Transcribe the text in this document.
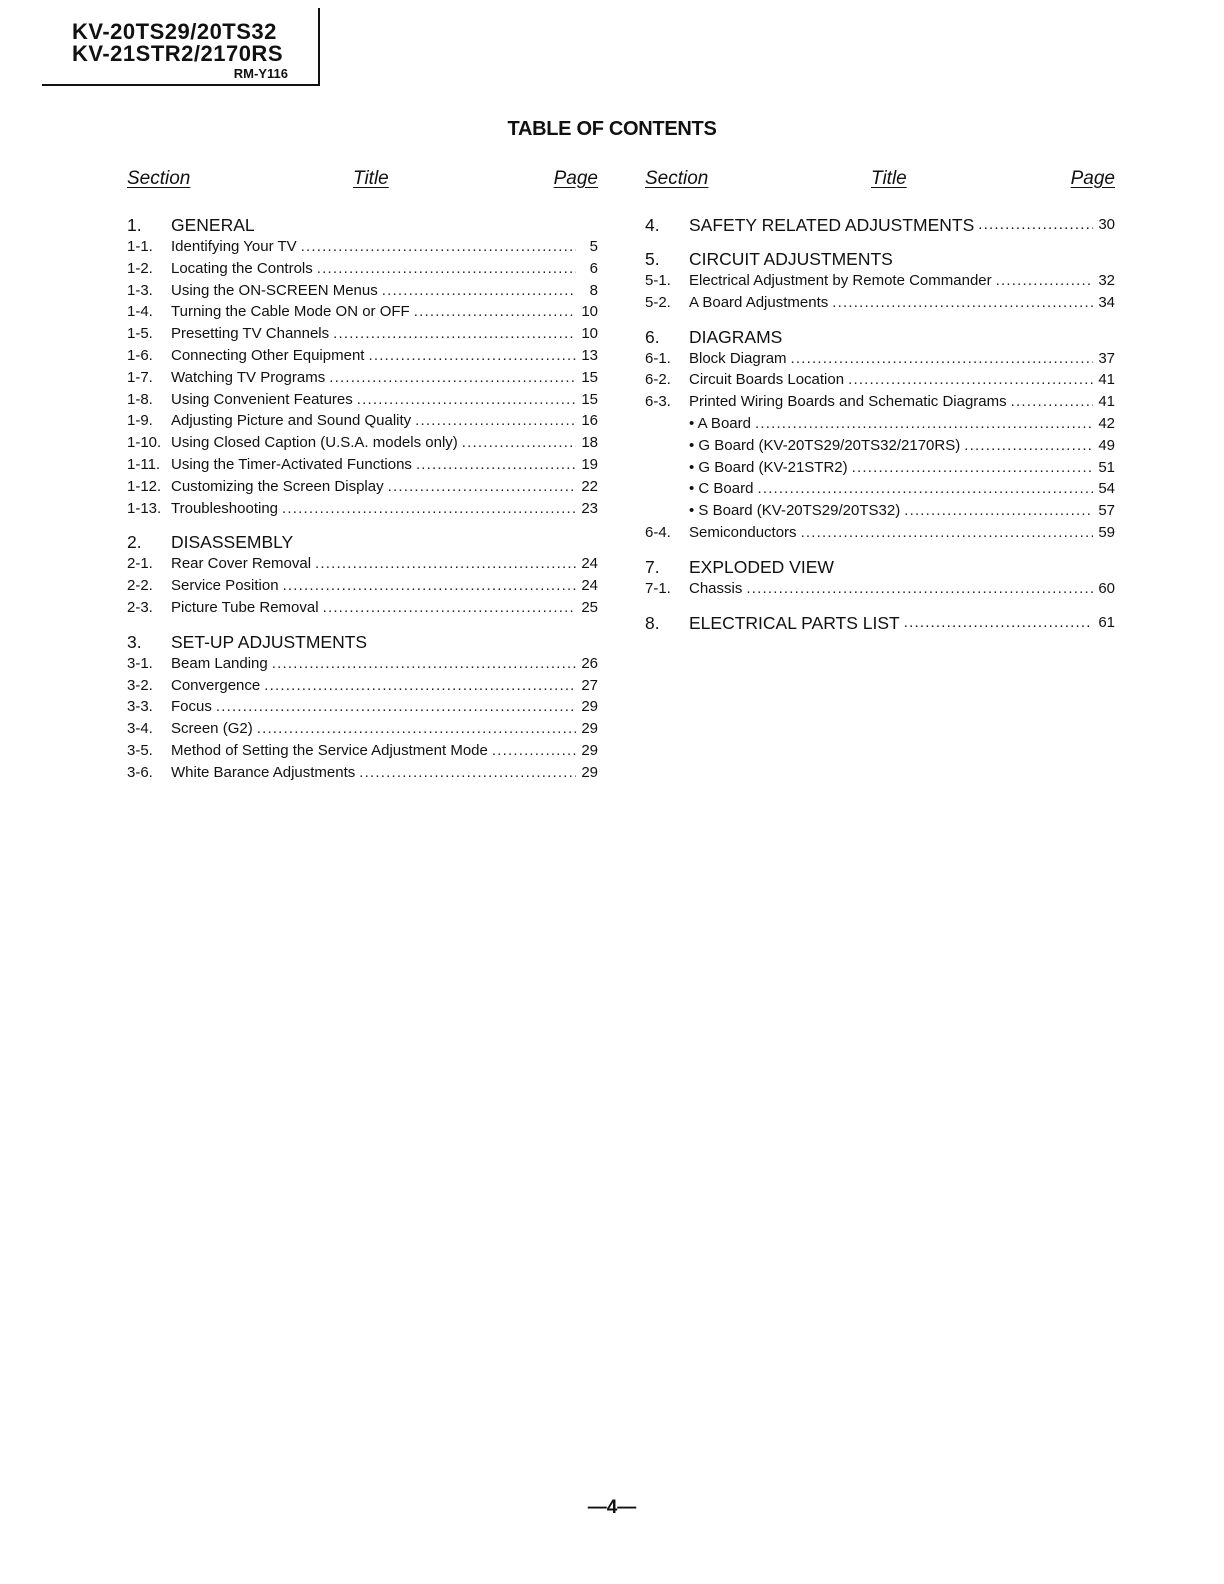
KV-20TS29/20TS32
KV-21STR2/2170RS
RM-Y116
TABLE OF CONTENTS
Section	Title	Page
1.	GENERAL
1-1.	Identifying Your TV .....	5
1-2.	Locating the Controls .....	6
1-3.	Using the ON-SCREEN Menus .....	8
1-4.	Turning the Cable Mode ON or OFF .....	10
1-5.	Presetting TV Channels .....	10
1-6.	Connecting Other Equipment .....	13
1-7.	Watching TV Programs .....	15
1-8.	Using Convenient Features .....	15
1-9.	Adjusting Picture and Sound Quality .....	16
1-10. Using Closed Caption (U.S.A. models only) .....	18
1-11. Using the Timer-Activated Functions .....	19
1-12. Customizing the Screen Display .....	22
1-13. Troubleshooting .....	23
2.	DISASSEMBLY
2-1.	Rear Cover Removal .....	24
2-2.	Service Position .....	24
2-3.	Picture Tube Removal .....	25
3.	SET-UP ADJUSTMENTS
3-1.	Beam Landing .....	26
3-2.	Convergence .....	27
3-3.	Focus .....	29
3-4.	Screen (G2) .....	29
3-5.	Method of Setting the Service Adjustment Mode .....	29
3-6.	White Barance Adjustments .....	29
Section	Title	Page
4.	SAFETY RELATED ADJUSTMENTS .....	30
5.	CIRCUIT ADJUSTMENTS
5-1.	Electrical Adjustment by Remote Commander .....	32
5-2.	A Board Adjustments .....	34
6.	DIAGRAMS
6-1.	Block Diagram .....	37
6-2.	Circuit Boards Location .....	41
6-3.	Printed Wiring Boards and Schematic Diagrams .....	41
• A Board .....	42
• G Board (KV-20TS29/20TS32/2170RS) .....	49
• G Board (KV-21STR2) .....	51
• C Board .....	54
• S Board (KV-20TS29/20TS32) .....	57
6-4.	Semiconductors .....	59
7.	EXPLODED VIEW
7-1.	Chassis .....	60
8.	ELECTRICAL PARTS LIST .....	61
—4—
